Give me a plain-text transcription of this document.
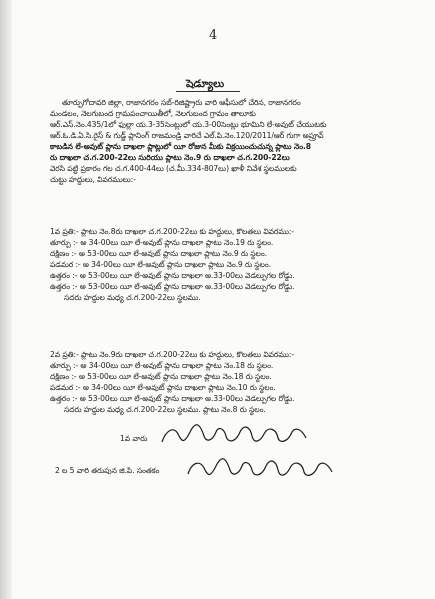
4
షెడ్యూలు
తూర్పుగోదావరి జిల్లా, రాజానగరం సబ్-రిజిష్ట్రారు వారి ఆఫీసులో చేరిన, రాజానగరం
మండలం, నెలగుబంద గ్రామపంచాయితీలో, నెలగుబంద గ్రామం తాలూకు
ఆర్.ఎస్.నెం.435/1లో ఫుల్లా య.3-35సెంట్లులో య.3-00సెంట్లు భూమిని లే-అవుట్ చేయుటకు
ఆర్.ఓ.డి.ఏ.సి.రైస్ & గుడ్జ్ ప్లానింగ్ రాజమండ్రి వారిచే ఎల్.పి.నెం.120/2011/ఆర్ గుగా అప్రూవ్
కాబడిన లే-అవుట్ ప్లాను దాఖలా ప్లాట్లులో యీ రోజున మీకు విక్రయించుచున్న ప్లాటు నెం.8
రు దాఖలా చ.గ.200-22లు సురియు ప్లాటు నెం.9 రు దాఖలా చ.గ.200-22లు
వెరసి పట్టి ప్రకారం గల చ.గ.400-44లు (చ.మీ.334-807లు) ఖాళీ నివేశ స్థలములకు
చుట్టు హద్దులు, వివరములు:-
1వ ప్రతి:- ప్లాటు నెం.8రు దాఖలా చ.గ.200-22లు కు హద్దులు, కొలతలు వివరము:-
తూర్పు :- అ 34-00లు యీ లే-అవుట్ ప్లాను దాఖలా ప్లాటు నెం.19 రు స్థలం.
దక్షిణం :- అ 53-00లు యీ లే-అవుట్ ప్లాను దాఖలా ప్లాటు నెం.9 రు స్థలం.
పడమర :- అ 34-00లు యీ లే-అవుట్ ప్లాను దాఖలా ప్లాటు నెం.9 రు స్థలం.
ఉత్తరం :- అ 53-00లు యీ లే-అవుట్ ప్లాను దాఖలా అ.33-00లు వెడల్పుగల రోడ్డు.
ఉత్తరం :- అ 53-00లు యీ లే-అవుట్ ప్లాను దాఖలా అ.33-00లు వెడల్పుగల రోడ్డు.
సదరు హద్దుల మధ్య చ.గ.200-22లు స్థలము.
2వ ప్రతి:- ప్లాటు నెం.9రు దాఖలా చ.గ.200-22లు కు హద్దులు, కొలతలు వివరము:-
తూర్పు :- అ 34-00లు యీ లే-అవుట్ ప్లాను దాఖలా ప్లాటు నెం.18 రు స్థలం.
దక్షిణం :- అ 53-00లు యీ లే-అవుట్ ప్లాను దాఖలా ప్లాటు నెం.18 రు స్థలం.
పడమర :- అ 34-00లు యీ లే-అవుట్ ప్లాను దాఖలా ప్లాటు నెం.10 రు స్థలం.
ఉత్తరం :- అ 53-00లు యీ లే-అవుట్ ప్లాను దాఖలా అ.33-00లు వెడల్పుగల రోడ్డు.
సదరు హద్దుల మధ్య చ.గ.200-22లు స్థలము. ప్లాటు నెం.8 రు స్థలం.
1వ వారు
2 ల 5 వారి తరుపున జి.పి. సంతకం
